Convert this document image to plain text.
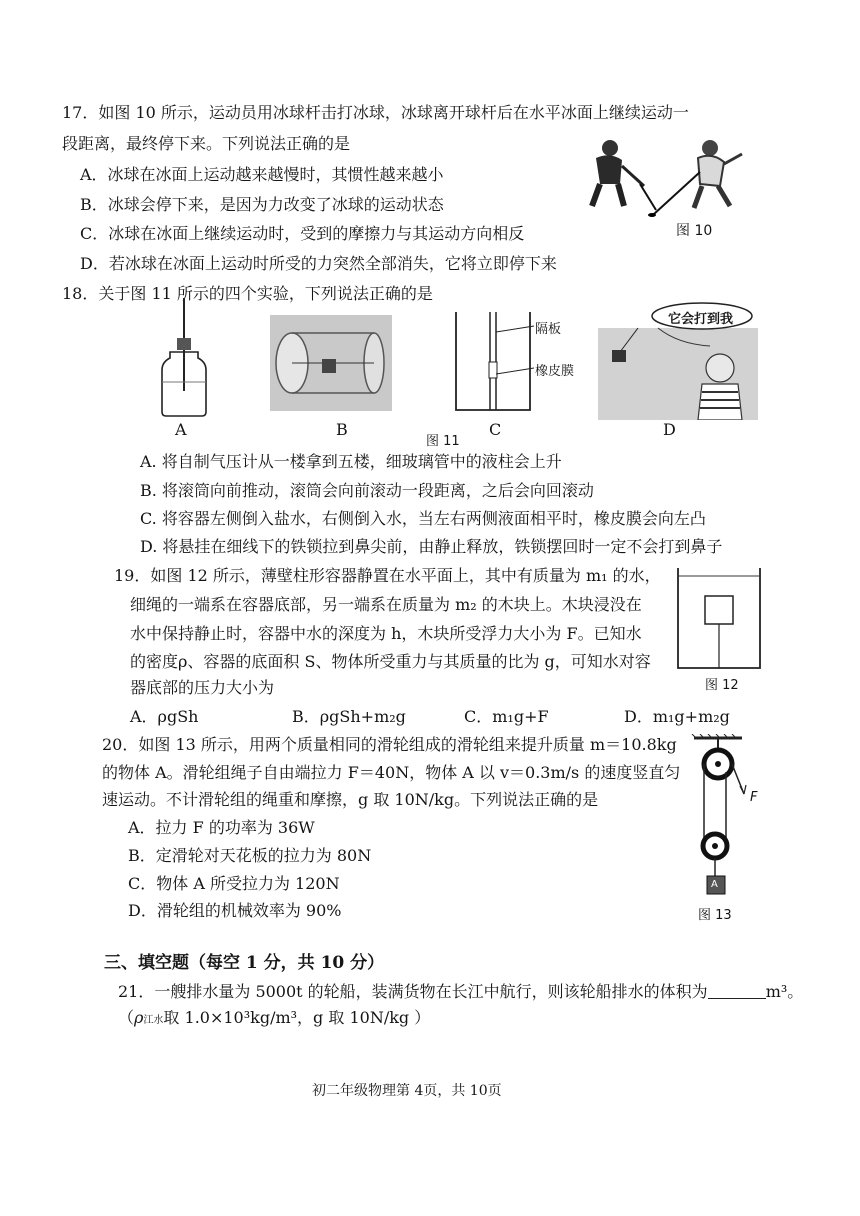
17．如图 10 所示，运动员用冰球杆击打冰球，冰球离开球杆后在水平冰面上继续运动一
段距离，最终停下来。下列说法正确的是
A．冰球在冰面上运动越来越慢时，其惯性越来越小
B．冰球会停下来，是因为力改变了冰球的运动状态
C．冰球在冰面上继续运动时，受到的摩擦力与其运动方向相反
D．若冰球在冰面上运动时所受的力突然全部消失，它将立即停下来
图 10
18．关于图 11 所示的四个实验，下列说法正确的是
A	B
隔板
橡皮膜
C
图 11
它会打到我
D
A. 将自制气压计从一楼拿到五楼，细玻璃管中的液柱会上升
B. 将滚筒向前推动，滚筒会向前滚动一段距离，之后会向回滚动
C. 将容器左侧倒入盐水，右侧倒入水，当左右两侧液面相平时，橡皮膜会向左凸
D. 将悬挂在细线下的铁锁拉到鼻尖前，由静止释放，铁锁摆回时一定不会打到鼻子
19．如图 12 所示，薄壁柱形容器静置在水平面上，其中有质量为 m₁ 的水，
细绳的一端系在容器底部，另一端系在质量为 m₂ 的木块上。木块浸没在
水中保持静止时，容器中水的深度为 h，木块所受浮力大小为 F。已知水
的密度ρ、容器的底面积 S、物体所受重力与其质量的比为 g，可知水对容
器底部的压力大小为	图 12
A．ρgSh	B．ρgSh+m₂g	C．m₁g+F	D．m₁g+m₂g
20．如图 13 所示，用两个质量相同的滑轮组成的滑轮组来提升质量 m＝10.8kg
的物体 A。滑轮组绳子自由端拉力 F＝40N，物体 A 以 v＝0.3m/s 的速度竖直匀
速运动。不计滑轮组的绳重和摩擦，g 取 10N/kg。下列说法正确的是
A．拉力 F 的功率为 36W
B．定滑轮对天花板的拉力为 80N
C．物体 A 所受拉力为 120N
D．滑轮组的机械效率为 90%
F
A
图 13
三、填空题（每空 1 分，共 10 分）
21．一艘排水量为 5000t 的轮船，装满货物在长江中航行，则该轮船排水的体积为	m³。
（ρ江水取 1.0×10³kg/m³，g 取 10N/kg ）
初二年级物理第 4页，共 10页
